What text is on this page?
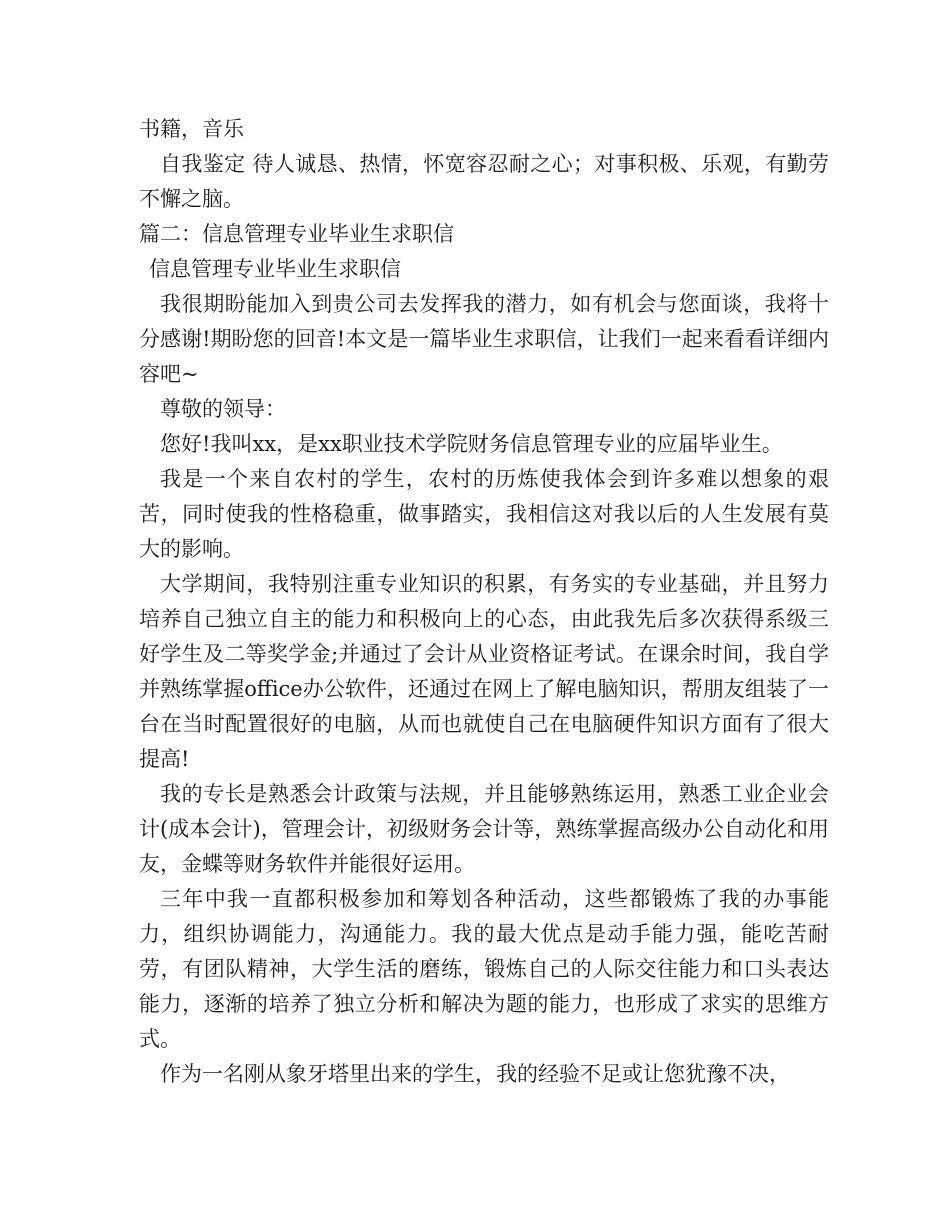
书籍，音乐

自我鉴定 待人诚恳、热情，怀宽容忍耐之心；对事积极、乐观，有勤劳不懈之脑。

篇二：信息管理专业毕业生求职信

信息管理专业毕业生求职信

我很期盼能加入到贵公司去发挥我的潜力，如有机会与您面谈，我将十分感谢!期盼您的回音!本文是一篇毕业生求职信，让我们一起来看看详细内容吧~

尊敬的领导：

您好!我叫xx，是xx职业技术学院财务信息管理专业的应届毕业生。

我是一个来自农村的学生，农村的历炼使我体会到许多难以想象的艰苦，同时使我的性格稳重，做事踏实，我相信这对我以后的人生发展有莫大的影响。

大学期间，我特别注重专业知识的积累，有务实的专业基础，并且努力培养自己独立自主的能力和积极向上的心态，由此我先后多次获得系级三好学生及二等奖学金;并通过了会计从业资格证考试。在课余时间，我自学并熟练掌握office办公软件，还通过在网上了解电脑知识，帮朋友组装了一台在当时配置很好的电脑，从而也就使自己在电脑硬件知识方面有了很大提高!

我的专长是熟悉会计政策与法规，并且能够熟练运用，熟悉工业企业会计(成本会计)，管理会计，初级财务会计等，熟练掌握高级办公自动化和用友，金蝶等财务软件并能很好运用。

三年中我一直都积极参加和筹划各种活动，这些都锻炼了我的办事能力，组织协调能力，沟通能力。我的最大优点是动手能力强，能吃苦耐劳，有团队精神，大学生活的磨练，锻炼自己的人际交往能力和口头表达能力，逐渐的培养了独立分析和解决为题的能力，也形成了求实的思维方式。

作为一名刚从象牙塔里出来的学生，我的经验不足或让您犹豫不决，
